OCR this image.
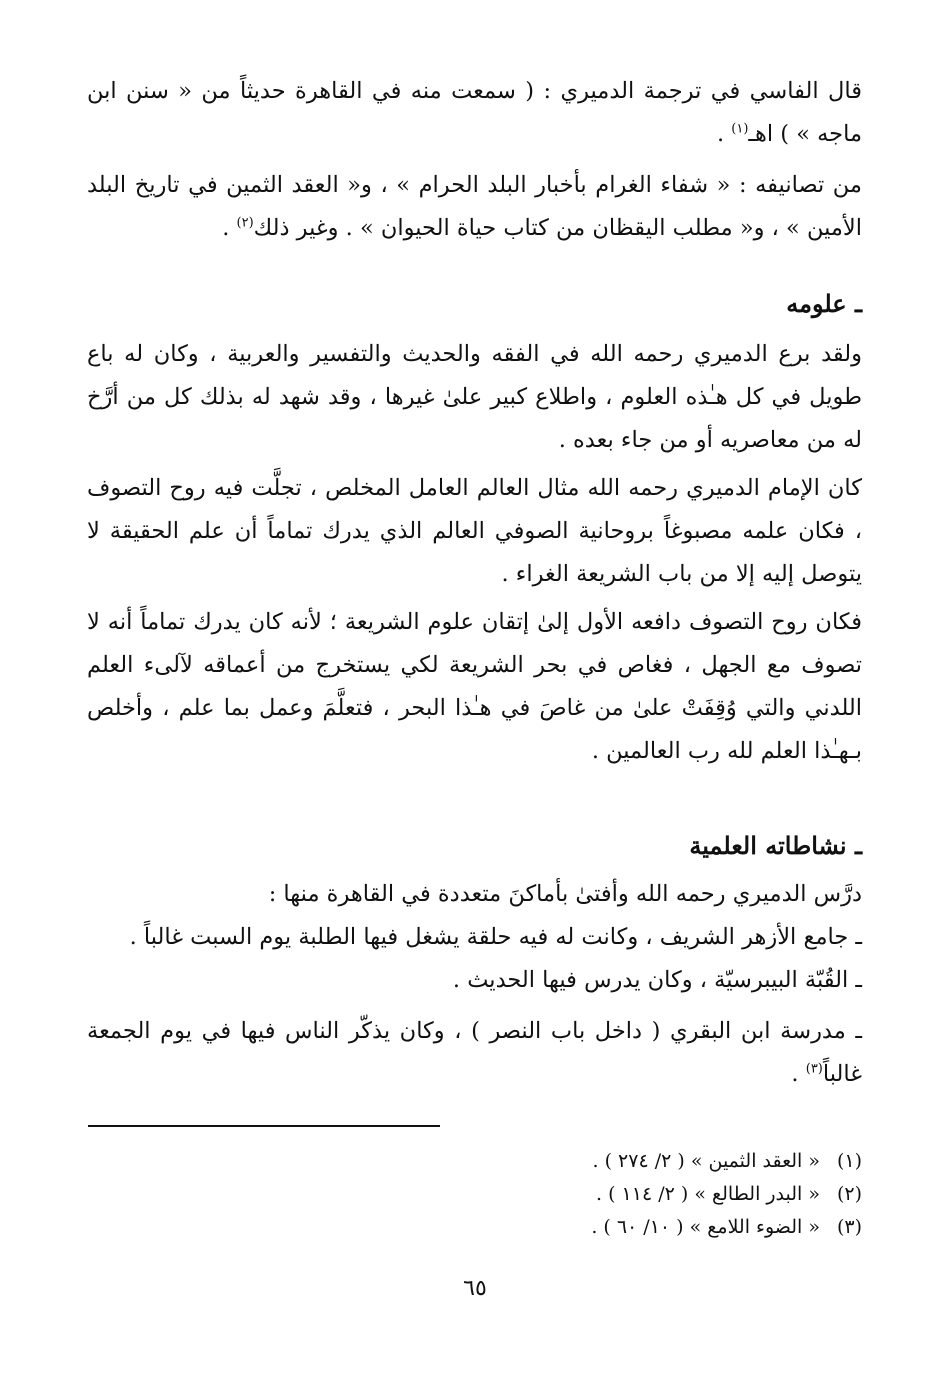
قال الفاسي في ترجمة الدميري : ( سمعت منه في القاهرة حديثاً من « سنن ابن ماجه » ) اهـ$^{(١)}$ .

من تصانيفه : « شفاء الغرام بأخبار البلد الحرام » ، و« العقد الثمين في تاريخ البلد الأمين » ، و« مطلب اليقظان من كتاب حياة الحيوان » . وغير ذلك$^{(٢)}$ .

ـ علومه

ولقد برع الدميري رحمه الله في الفقه والحديث والتفسير والعربية ، وكان له باع طويل في كل هـٰذه العلوم ، واطلاع كبير علىٰ غيرها ، وقد شهد له بذلك كل من أرَّخ له من معاصريه أو من جاء بعده .

كان الإمام الدميري رحمه الله مثال العالم العامل المخلص ، تجلَّت فيه روح التصوف ، فكان علمه مصبوغاً بروحانية الصوفي العالم الذي يدرك تماماً أن علم الحقيقة لا يتوصل إليه إلا من باب الشريعة الغراء .

فكان روح التصوف دافعه الأول إلىٰ إتقان علوم الشريعة ؛ لأنه كان يدرك تماماً أنه لا تصوف مع الجهل ، فغاص في بحر الشريعة لكي يستخرج من أعماقه لآلىء العلم اللدني والتي وُقِفَتْ علىٰ من غاصَ في هـٰذا البحر ، فتعلَّمَ وعمل بما علم ، وأخلص بـهـٰذا العلم لله رب العالمين .

ـ نشاطاته العلمية

درَّس الدميري رحمه الله وأفتىٰ بأماكنَ متعددة في القاهرة منها :

ـ جامع الأزهر الشريف ، وكانت له فيه حلقة يشغل فيها الطلبة يوم السبت غالباً .

ـ القُبّة البيبرسيّة ، وكان يدرس فيها الحديث .

ـ مدرسة ابن البقري ( داخل باب النصر ) ، وكان يذكّر الناس فيها في يوم الجمعة غالباً$^{(٣)}$ .

(١)« العقد الثمين » ( ٢/ ٢٧٤ ) .

(٢)« البدر الطالع » ( ٢/ ١١٤ ) .

(٣)« الضوء اللامع » ( ١٠/ ٦٠ ) .

٦٥
